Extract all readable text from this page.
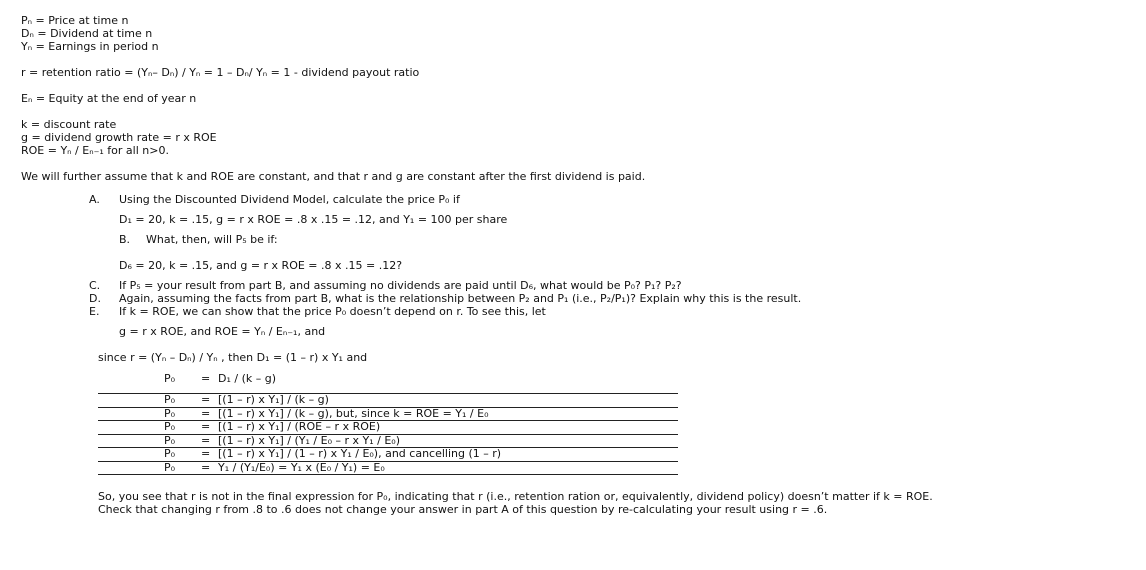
Pₙ = Price at time n
Dₙ = Dividend at time n
Yₙ = Earnings in period n
r = retention ratio = (Yₙ– Dₙ) / Yₙ = 1 – Dₙ/ Yₙ = 1 - dividend payout ratio
Eₙ = Equity at the end of year n
k = discount rate
g = dividend growth rate = r x ROE
ROE = Yₙ / Eₙ₋₁ for all n>0.
We will further assume that k and ROE are constant, and that r and g are constant after the first dividend is paid.
A. Using the Discounted Dividend Model, calculate the price P₀ if
D₁ = 20, k = .15, g = r x ROE = .8 x .15 = .12, and Y₁ = 100 per share
B. What, then, will P₅ be if:
D₆ = 20, k = .15, and g = r x ROE = .8 x .15 = .12?
C. If P₅ = your result from part B, and assuming no dividends are paid until D₆, what would be P₀? P₁? P₂?
D. Again, assuming the facts from part B, what is the relationship between P₂ and P₁ (i.e., P₂/P₁)? Explain why this is the result.
E. If k = ROE, we can show that the price P₀ doesn’t depend on r. To see this, let
g = r x ROE, and ROE = Yₙ / Eₙ₋₁, and
since r = (Yₙ – Dₙ) / Yₙ , then D₁ = (1 – r) x Y₁ and
P₀ = D₁ / (k – g)
P₀ = [(1 – r) x Y₁] / (k – g)
P₀ = [(1 – r) x Y₁] / (k – g), but, since k = ROE = Y₁ / E₀
P₀ = [(1 – r) x Y₁] / (ROE – r x ROE)
P₀ = [(1 – r) x Y₁] / (Y₁ / E₀ – r x Y₁ / E₀)
P₀ = [(1 – r) x Y₁] / (1 – r) x Y₁ / E₀), and cancelling (1 – r)
P₀ = Y₁ / (Y₁/E₀) = Y₁ x (E₀ / Y₁) = E₀
So, you see that r is not in the final expression for P₀, indicating that r (i.e., retention ration or, equivalently, dividend policy) doesn’t matter if k = ROE.
Check that changing r from .8 to .6 does not change your answer in part A of this question by re-calculating your result using r = .6.
